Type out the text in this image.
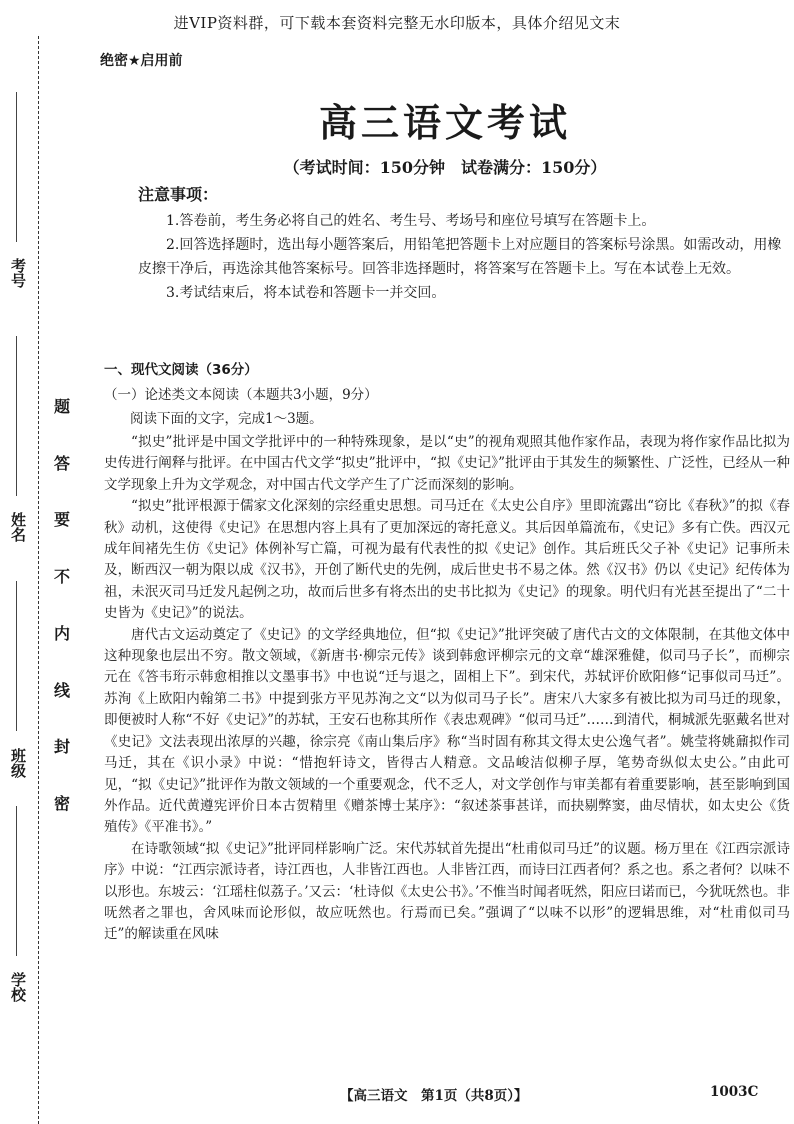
进VIP资料群，可下载本套资料完整无水印版本，具体介绍见文末
考号
姓名
班级
学校
题
答
要
不
内
线
封
密
绝密★启用前
高三语文考试
（考试时间：150分钟　试卷满分：150分）
注意事项：

1.答卷前，考生务必将自己的姓名、考生号、考场号和座位号填写在答题卡上。

2.回答选择题时，选出每小题答案后，用铅笔把答题卡上对应题目的答案标号涂黑。如需改动，用橡皮擦干净后，再选涂其他答案标号。回答非选择题时，将答案写在答题卡上。写在本试卷上无效。

3.考试结束后，将本试卷和答题卡一并交回。

一、现代文阅读（36分）
（一）论述类文本阅读（本题共3小题，9分）
阅读下面的文字，完成1～3题。

“拟史”批评是中国文学批评中的一种特殊现象，是以“史”的视角观照其他作家作品，表现为将作家作品比拟为史传进行阐释与批评。在中国古代文学“拟史”批评中，“拟《史记》”批评由于其发生的频繁性、广泛性，已经从一种文学现象上升为文学观念，对中国古代文学产生了广泛而深刻的影响。

“拟史”批评根源于儒家文化深刻的宗经重史思想。司马迁在《太史公自序》里即流露出“窃比《春秋》”的拟《春秋》动机，这使得《史记》在思想内容上具有了更加深远的寄托意义。其后因单篇流布，《史记》多有亡佚。西汉元成年间褚先生仿《史记》体例补写亡篇，可视为最有代表性的拟《史记》创作。其后班氏父子补《史记》记事所未及，断西汉一朝为限以成《汉书》，开创了断代史的先例，成后世史书不易之体。然《汉书》仍以《史记》纪传体为祖，未泯灭司马迁发凡起例之功，故而后世多有将杰出的史书比拟为《史记》的现象。明代归有光甚至提出了“二十史皆为《史记》”的说法。

唐代古文运动奠定了《史记》的文学经典地位，但“拟《史记》”批评突破了唐代古文的文体限制，在其他文体中这种现象也层出不穷。散文领域，《新唐书·柳宗元传》谈到韩愈评柳宗元的文章“雄深雅健，似司马子长”，而柳宗元在《答韦珩示韩愈相推以文墨事书》中也说“迁与退之，固相上下”。到宋代，苏轼评价欧阳修“记事似司马迁”。苏洵《上欧阳内翰第二书》中提到张方平见苏洵之文“以为似司马子长”。唐宋八大家多有被比拟为司马迁的现象，即便被时人称“不好《史记》”的苏轼，王安石也称其所作《表忠观碑》“似司马迁”……到清代，桐城派先驱戴名世对《史记》文法表现出浓厚的兴趣，徐宗亮《南山集后序》称“当时固有称其文得太史公逸气者”。姚莹将姚鼐拟作司马迁，其在《识小录》中说：“惜抱轩诗文，皆得古人精意。文品峻洁似柳子厚，笔势奇纵似太史公。”由此可见，“拟《史记》”批评作为散文领域的一个重要观念，代不乏人，对文学创作与审美都有着重要影响，甚至影响到国外作品。近代黄遵宪评价日本古贺精里《赠茶博士某序》：“叙述茶事甚详，而抉剔弊窦，曲尽情状，如太史公《货殖传》《平准书》。”

在诗歌领域“拟《史记》”批评同样影响广泛。宋代苏轼首先提出“杜甫似司马迁”的议题。杨万里在《江西宗派诗序》中说：“江西宗派诗者，诗江西也，人非皆江西也。人非皆江西，而诗曰江西者何？系之也。系之者何？以味不以形也。东坡云：‘江瑶柱似荔子。’又云：‘杜诗似《太史公书》。’不惟当时闻者呒然，阳应曰诺而已，今犹呒然也。非呒然者之罪也，舍风味而论形似，故应呒然也。行焉而已矣。”强调了“以味不以形”的逻辑思维，对“杜甫似司马迁”的解读重在风味

【高三语文　第1页（共8页）】	1003C
